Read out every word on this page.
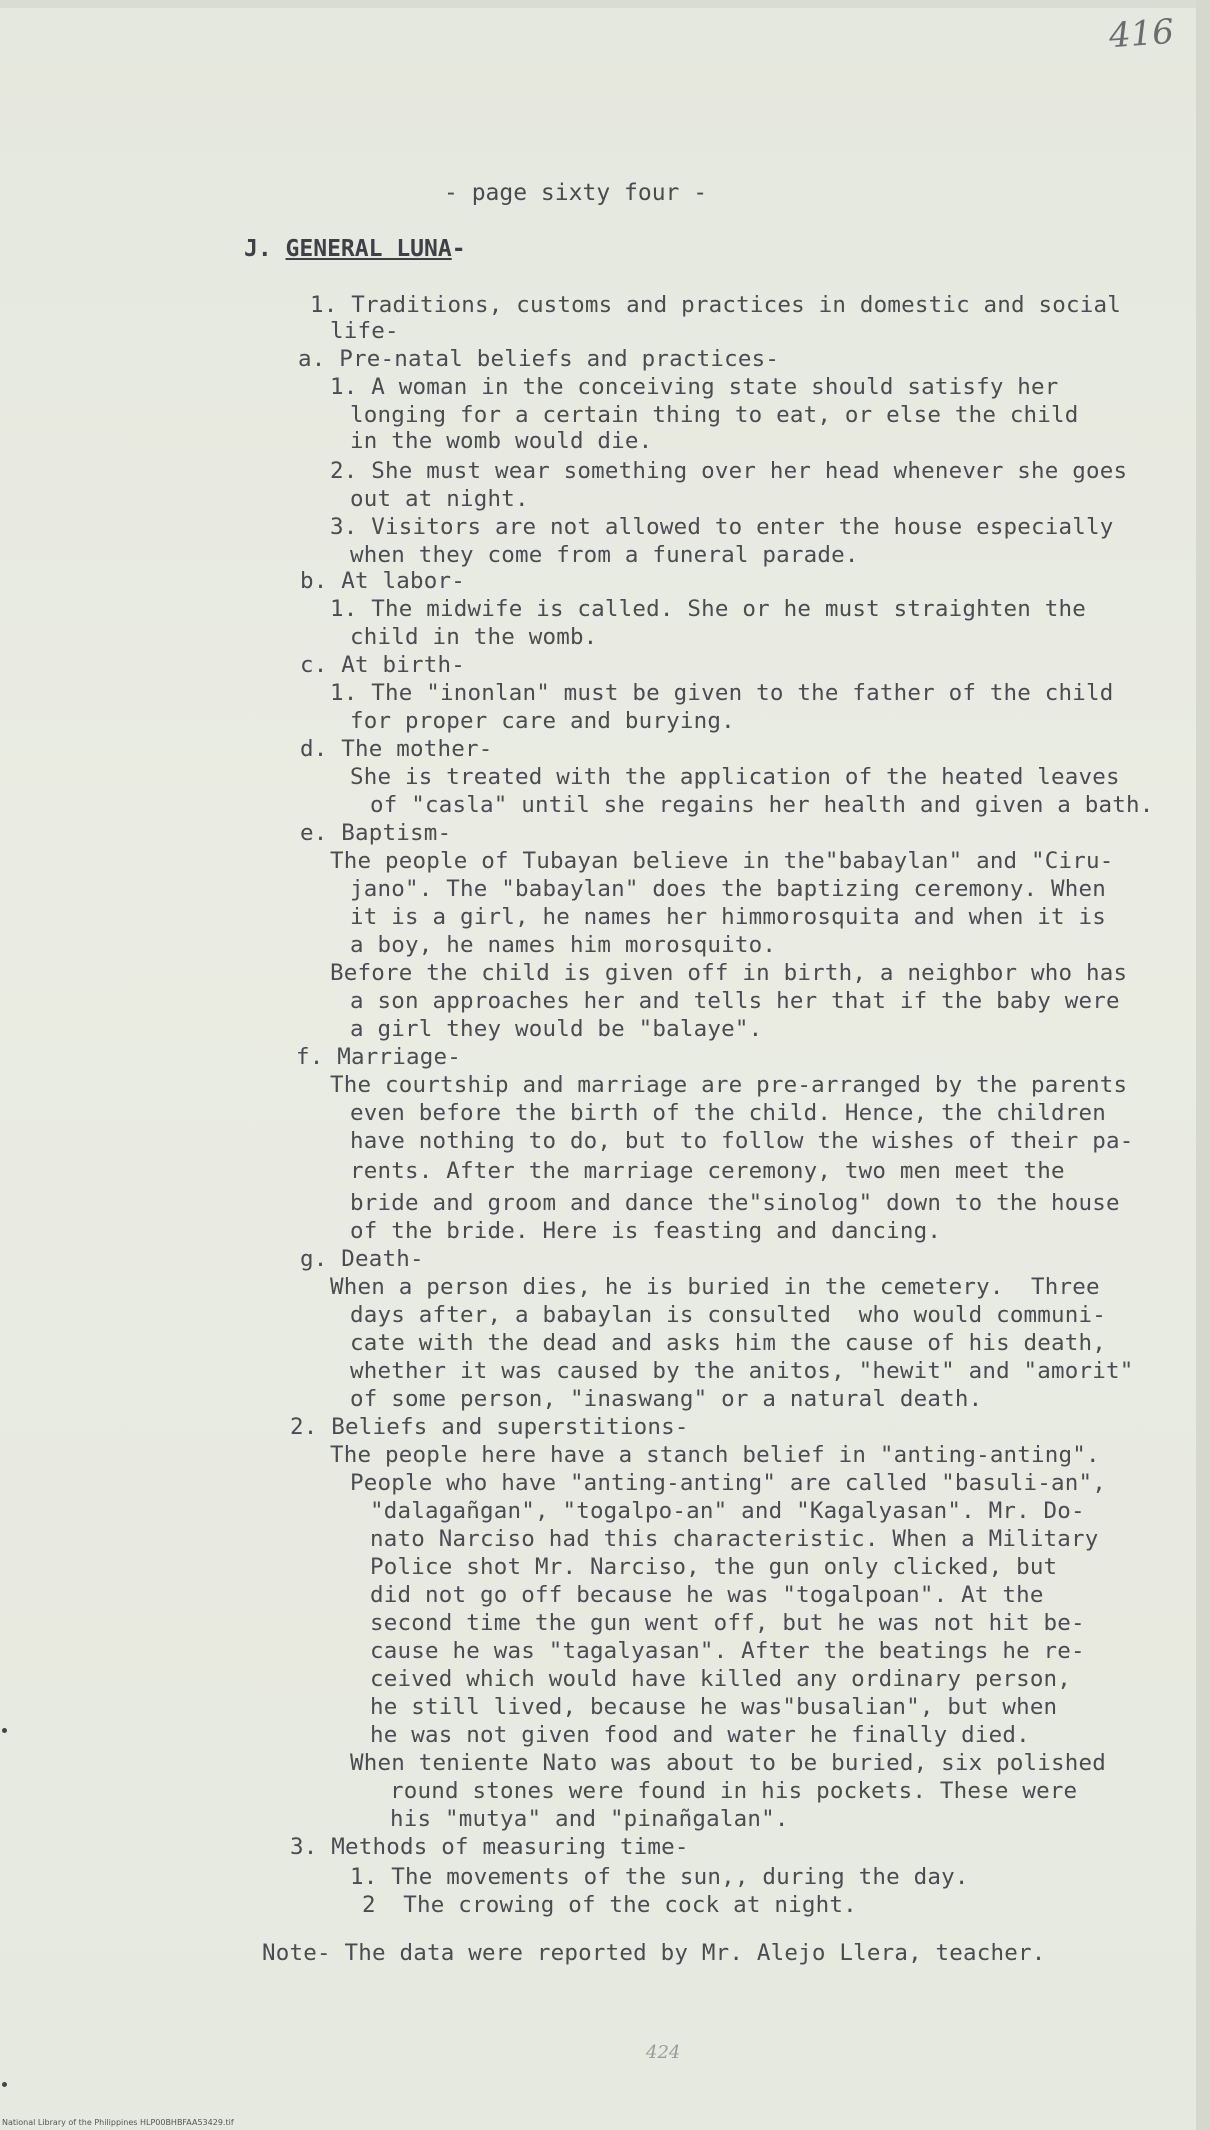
416
- page sixty four -
J. GENERAL LUNA-
1. Traditions, customs and practices in domestic and social
life-
a. Pre-natal beliefs and practices-
1. A woman in the conceiving state should satisfy her
longing for a certain thing to eat, or else the child
in the womb would die.
2. She must wear something over her head whenever she goes
out at night.
3. Visitors are not allowed to enter the house especially
when they come from a funeral parade.
b. At labor-
1. The midwife is called. She or he must straighten the
child in the womb.
c. At birth-
1. The "inonlan" must be given to the father of the child
for proper care and burying.
d. The mother-
She is treated with the application of the heated leaves
of "casla" until she regains her health and given a bath.
e. Baptism-
The people of Tubayan believe in the"babaylan" and "Ciru-
jano". The "babaylan" does the baptizing ceremony. When
it is a girl, he names her himmorosquita and when it is
a boy, he names him morosquito.
Before the child is given off in birth, a neighbor who has
a son approaches her and tells her that if the baby were
a girl they would be "balaye".
f. Marriage-
The courtship and marriage are pre-arranged by the parents
even before the birth of the child. Hence, the children
have nothing to do, but to follow the wishes of their pa-
rents. After the marriage ceremony, two men meet the
bride and groom and dance the"sinolog" down to the house
of the bride. Here is feasting and dancing.
g. Death-
When a person dies, he is buried in the cemetery.  Three
days after, a babaylan is consulted  who would communi-
cate with the dead and asks him the cause of his death,
whether it was caused by the anitos, "hewit" and "amorit"
of some person, "inaswang" or a natural death.
2. Beliefs and superstitions-
The people here have a stanch belief in "anting-anting".
People who have "anting-anting" are called "basuli-an",
"dalagañgan", "togalpo-an" and "Kagalyasan". Mr. Do-
nato Narciso had this characteristic. When a Military
Police shot Mr. Narciso, the gun only clicked, but
did not go off because he was "togalpoan". At the
second time the gun went off, but he was not hit be-
cause he was "tagalyasan". After the beatings he re-
ceived which would have killed any ordinary person,
he still lived, because he was"busalian", but when
he was not given food and water he finally died.
When teniente Nato was about to be buried, six polished
round stones were found in his pockets. These were
his "mutya" and "pinañgalan".
3. Methods of measuring time-
1. The movements of the sun,, during the day.
2  The crowing of the cock at night.
Note- The data were reported by Mr. Alejo Llera, teacher.
424
National Library of the Philippines HLP00BHBFAA53429.tif
